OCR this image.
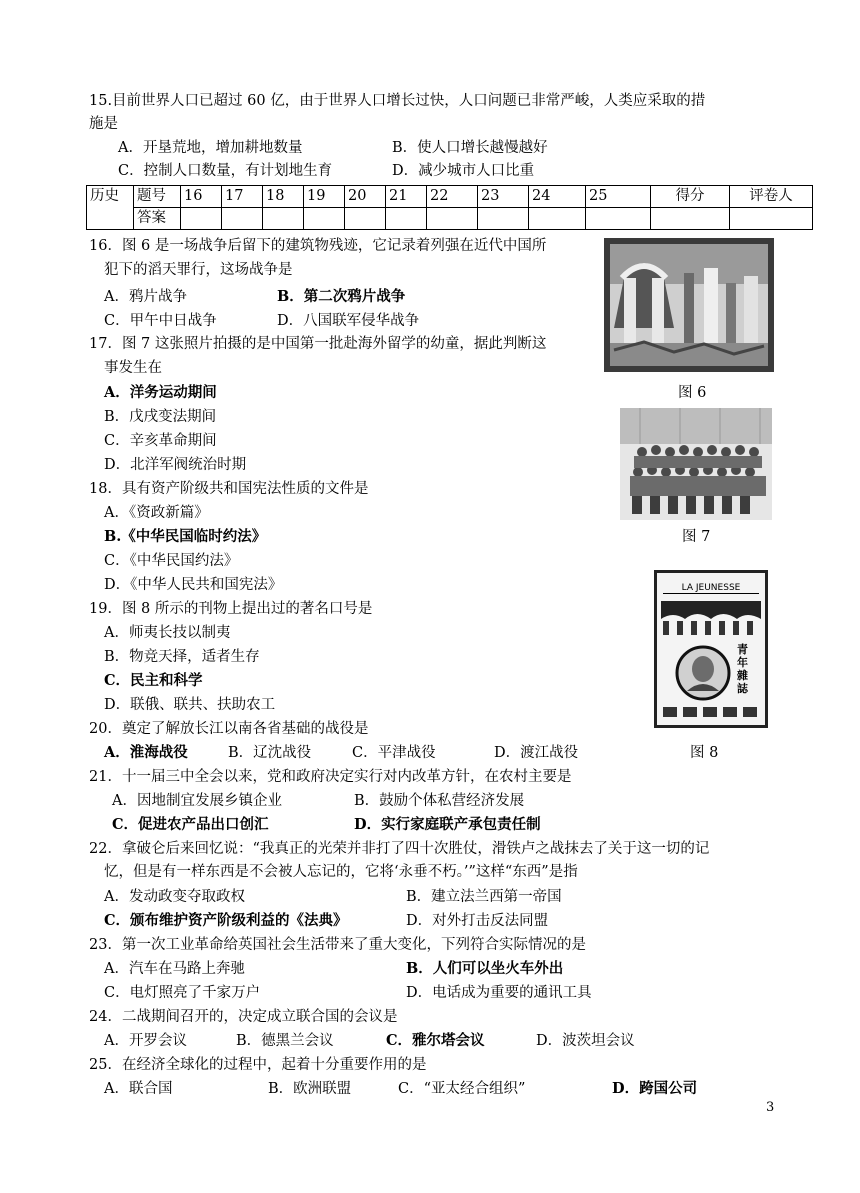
15.目前世界人口已超过 60 亿，由于世界人口增长过快，人口问题已非常严峻，人类应采取的措
施是
A．开垦荒地，增加耕地数量	B．使人口增长越慢越好
C．控制人口数量，有计划地生育	D．减少城市人口比重
历史	题号	16	17	18	19	20	21	22	23	24	25	得分	评卷人
	答案												
16．图 6 是一场战争后留下的建筑物残迹，它记录着列强在近代中国所
犯下的滔天罪行，这场战争是
A．鸦片战争	B．第二次鸦片战争
C．甲午中日战争	D．八国联军侵华战争
17．图 7 这张照片拍摄的是中国第一批赴海外留学的幼童，据此判断这
事发生在
A．洋务运动期间
B．戊戌变法期间
C．辛亥革命期间
D．北洋军阀统治时期
18．具有资产阶级共和国宪法性质的文件是
A．《资政新篇》
B.《中华民国临时约法》
C．《中华民国约法》
D．《中华人民共和国宪法》
19．图 8 所示的刊物上提出过的著名口号是
A．师夷长技以制夷
B．物竞天择，适者生存
C．民主和科学
D．联俄、联共、扶助农工
20．奠定了解放长江以南各省基础的战役是
A．淮海战役	B．辽沈战役	C．平津战役	D．渡江战役
21．十一届三中全会以来，党和政府决定实行对内改革方针，在农村主要是
A．因地制宜发展乡镇企业	B．鼓励个体私营经济发展
C．促进农产品出口创汇	D．实行家庭联产承包责任制
22．拿破仑后来回忆说：“我真正的光荣并非打了四十次胜仗，滑铁卢之战抹去了关于这一切的记
忆，但是有一样东西是不会被人忘记的，它将‘永垂不朽。’”这样“东西”是指
A．发动政变夺取政权	B．建立法兰西第一帝国
C．颁布维护资产阶级利益的《法典》	D．对外打击反法同盟
23．第一次工业革命给英国社会生活带来了重大变化，下列符合实际情况的是
A．汽车在马路上奔驰	B．人们可以坐火车外出
C．电灯照亮了千家万户	D．电话成为重要的通讯工具
24．二战期间召开的，决定成立联合国的会议是
A．开罗会议	B．德黑兰会议	C．雅尔塔会议	D．波茨坦会议
25．在经济全球化的过程中，起着十分重要作用的是
A．联合国	B．欧洲联盟	C．“亚太经合组织”	D．跨国公司
图 6
图 7
LA JEUNESSE
青年雜誌
图 8
3
